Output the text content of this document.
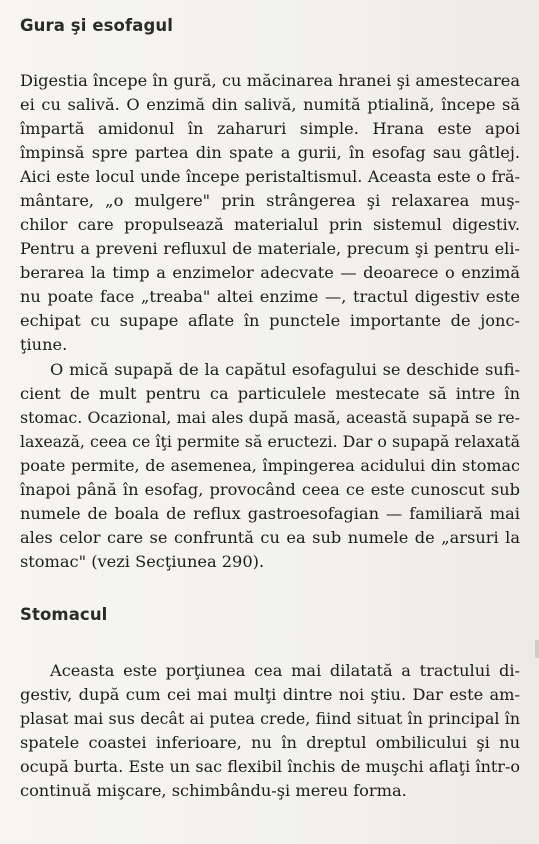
Gura şi esofagul
Digestia începe în gură, cu măcinarea hranei şi amestecarea
ei cu salivă. O enzimă din salivă, numită ptialină, începe să
împartă amidonul în zaharuri simple. Hrana este apoi
împinsă spre partea din spate a gurii, în esofag sau gâtlej.
Aici este locul unde începe peristaltismul. Aceasta este o fră-
mântare, „o mulgere" prin strângerea şi relaxarea muş-
chilor care propulsează materialul prin sistemul digestiv.
Pentru a preveni refluxul de materiale, precum şi pentru eli-
berarea la timp a enzimelor adecvate — deoarece o enzimă
nu poate face „treaba" altei enzime —, tractul digestiv este
echipat cu supape aflate în punctele importante de jonc-
ţiune.
O mică supapă de la capătul esofagului se deschide sufi-
cient de mult pentru ca particulele mestecate să intre în
stomac. Ocazional, mai ales după masă, această supapă se re-
laxează, ceea ce îţi permite să eructezi. Dar o supapă relaxată
poate permite, de asemenea, împingerea acidului din stomac
înapoi până în esofag, provocând ceea ce este cunoscut sub
numele de boala de reflux gastroesofagian — familiară mai
ales celor care se confruntă cu ea sub numele de „arsuri la
stomac" (vezi Secţiunea 290).
Stomacul
Aceasta este porţiunea cea mai dilatată a tractului di-
gestiv, după cum cei mai mulţi dintre noi ştiu. Dar este am-
plasat mai sus decât ai putea crede, fiind situat în principal în
spatele coastei inferioare, nu în dreptul ombilicului şi nu
ocupă burta. Este un sac flexibil închis de muşchi aflaţi într-o
continuă mişcare, schimbându-şi mereu forma.
